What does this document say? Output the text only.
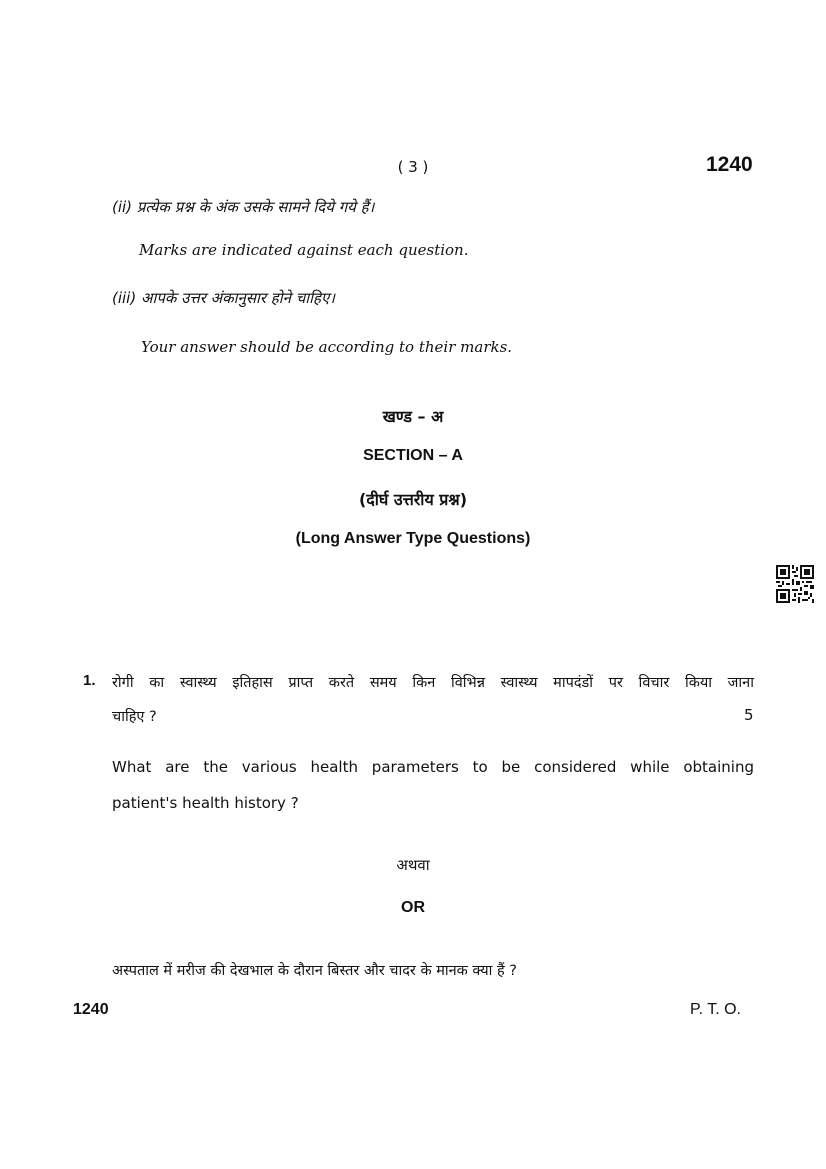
( 3 )	1240
(ii) प्रत्येक प्रश्न के अंक उसके सामने दिये गये हैं।
Marks are indicated against each question.
(iii) आपके उत्तर अंकानुसार होने चाहिए।
Your answer should be according to their marks.
खण्ड – अ
SECTION – A
(दीर्घ उत्तरीय प्रश्न)
(Long Answer Type Questions)
1. रोगी का स्वास्थ्य इतिहास प्राप्त करते समय किन विभिन्न स्वास्थ्य मापदंडों पर विचार किया जाना
चाहिए ?	5
What are the various health parameters to be considered while obtaining
patient's health history ?
अथवा
OR
अस्पताल में मरीज की देखभाल के दौरान बिस्तर और चादर के मानक क्या हैं ?
1240	P. T. O.
